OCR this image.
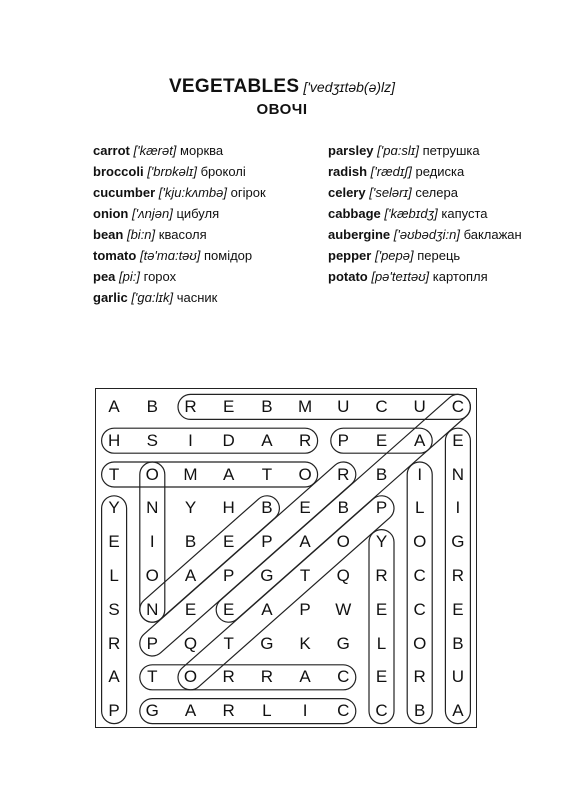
VEGETABLES ['vedʒɪtəb(ə)lz]
ОВОЧІ
carrot ['kærət] морква
broccoli ['brɒkəlɪ] броколі
cucumber ['kju:kʌmbə] огірок
onion ['ʌnjən] цибуля
bean [bi:n] квасоля
tomato [tə'mɑ:təʊ] помідор
pea [pi:] горох
garlic ['gɑ:lɪk] часник
parsley ['pɑ:slɪ] петрушка
radish ['rædɪʃ] редиска
celery ['selərɪ] селера
cabbage ['kæbɪdʒ] капуста
aubergine ['əʊbədʒi:n] баклажан
pepper ['pepə] перець
potato [pə'teɪtəʊ] картопля
A	B	R	E	B	M	U	C	U	C
H	S	I	D	A	R	P	E	A	E
T	O	M	A	T	O	R	B	I	N
Y	N	Y	H	B	E	B	P	L	I
E	I	B	E	P	A	O	Y	O	G
L	O	A	P	G	T	Q	R	C	R
S	N	E	E	A	P	W	E	C	E
R	P	Q	T	G	K	G	L	O	B
A	T	O	R	R	A	C	E	R	U
P	G	A	R	L	I	C	C	B	A
